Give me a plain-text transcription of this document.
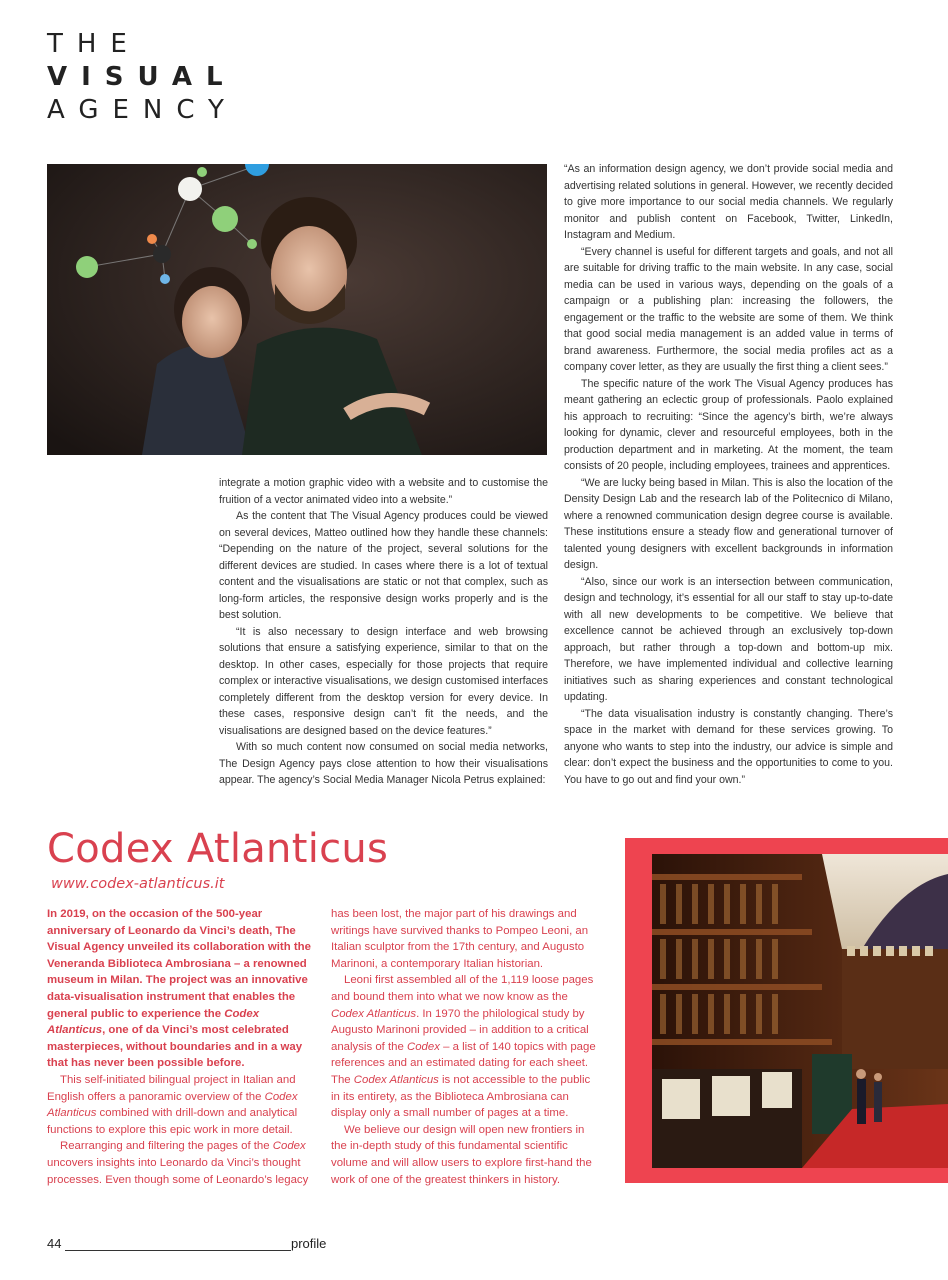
THE
VISUAL
AGENCY

integrate a motion graphic video with a website and to customise the fruition of a vector animated video into a website.”

As the content that The Visual Agency produces could be viewed on several devices, Matteo outlined how they handle these channels: “Depending on the nature of the project, several solutions for the different devices are studied. In cases where there is a lot of textual content and the visualisations are static or not that complex, such as long-form articles, the responsive design works properly and is the best solution.

“It is also necessary to design interface and web browsing solutions that ensure a satisfying experience, similar to that on the desktop. In other cases, especially for those projects that require complex or interactive visualisations, we design customised interfaces completely different from the desktop version for every device. In these cases, responsive design can’t fit the needs, and the visualisations are designed based on the device features.”

With so much content now consumed on social media networks, The Design Agency pays close attention to how their visualisations appear. The agency’s Social Media Manager Nicola Petrus explained:

“As an information design agency, we don’t provide social media and advertising related solutions in general. However, we recently decided to give more importance to our social media channels. We regularly monitor and publish content on Facebook, Twitter, LinkedIn, Instagram and Medium.

“Every channel is useful for different targets and goals, and not all are suitable for driving traffic to the main website. In any case, social media can be used in various ways, depending on the goals of a campaign or a publishing plan: increasing the followers, the engagement or the traffic to the website are some of them. We think that good social media management is an added value in terms of brand awareness. Furthermore, the social media profiles act as a company cover letter, as they are usually the first thing a client sees.”

The specific nature of the work The Visual Agency produces has meant gathering an eclectic group of professionals. Paolo explained his approach to recruiting: “Since the agency’s birth, we’re always looking for dynamic, clever and resourceful employees, both in the production department and in marketing. At the moment, the team consists of 20 people, including employees, trainees and apprentices.

“We are lucky being based in Milan. This is also the location of the Density Design Lab and the research lab of the Politecnico di Milano, where a renowned communication design degree course is available. These institutions ensure a steady flow and generational turnover of talented young designers with excellent backgrounds in information design.

“Also, since our work is an intersection between communication, design and technology, it’s essential for all our staff to stay up-to-date with all new developments to be competitive. We believe that excellence cannot be achieved through an exclusively top-down approach, but rather through a top-down and bottom-up mix. Therefore, we have implemented individual and collective learning initiatives such as sharing experiences and constant technological updating.

“The data visualisation industry is constantly changing. There’s space in the market with demand for these services growing. To anyone who wants to step into the industry, our advice is simple and clear: don’t expect the business and the opportunities to come to you. You have to go out and find your own.”

Codex Atlanticus
www.codex-atlanticus.it

In 2019, on the occasion of the 500-year anniversary of Leonardo da Vinci’s death, The Visual Agency unveiled its collaboration with the Veneranda Biblioteca Ambrosiana – a renowned museum in Milan. The project was an innovative data-visualisation instrument that enables the general public to experience the Codex Atlanticus, one of da Vinci’s most celebrated masterpieces, without boundaries and in a way that has never been possible before.

This self-initiated bilingual project in Italian and English offers a panoramic overview of the Codex Atlanticus combined with drill-down and analytical functions to explore this epic work in more detail.

Rearranging and filtering the pages of the Codex uncovers insights into Leonardo da Vinci’s thought processes. Even though some of Leonardo’s legacy

has been lost, the major part of his drawings and writings have survived thanks to Pompeo Leoni, an Italian sculptor from the 17th century, and Augusto Marinoni, a contemporary Italian historian.

Leoni first assembled all of the 1,119 loose pages and bound them into what we now know as the Codex Atlanticus. In 1970 the philological study by Augusto Marinoni provided – in addition to a critical analysis of the Codex – a list of 140 topics with page references and an estimated dating for each sheet. The Codex Atlanticus is not accessible to the public in its entirety, as the Biblioteca Ambrosiana can display only a small number of pages at a time.

We believe our design will open new frontiers in the in-depth study of this fundamental scientific volume and will allow users to explore first-hand the work of one of the greatest thinkers in history.

44	profile
